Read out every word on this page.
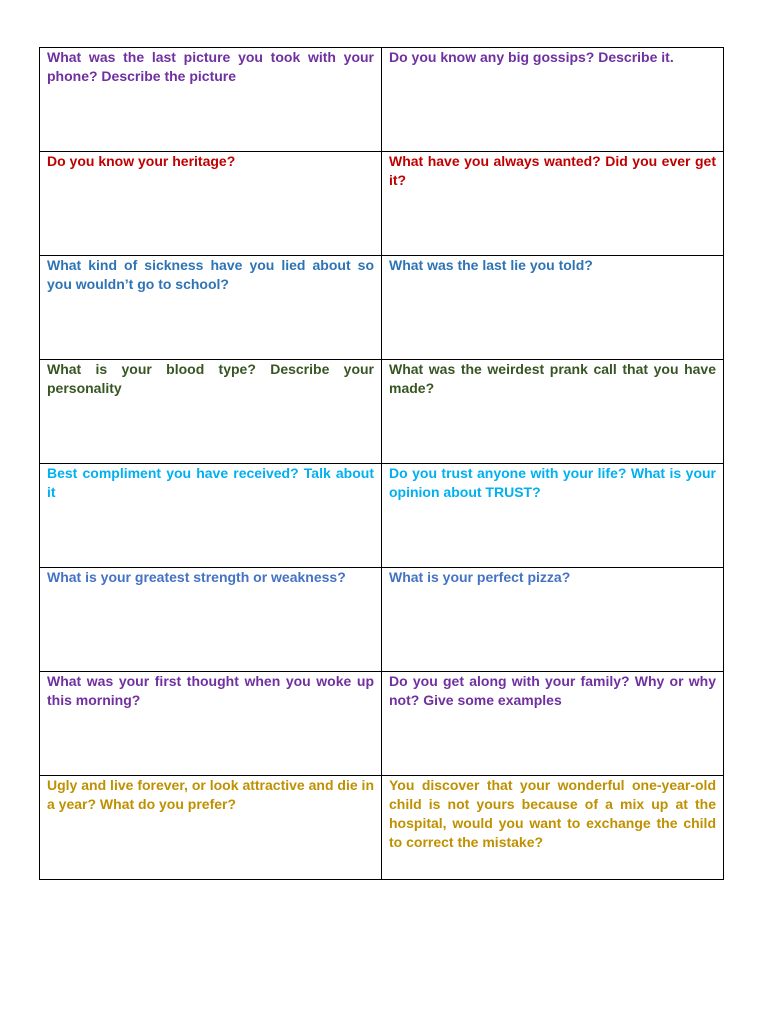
What was the last picture you took with your phone? Describe the picture	Do you know any big gossips? Describe it.

Do you know your heritage?	What have you always wanted? Did you ever get it?

What kind of sickness have you lied about so you wouldn’t go to school?	What was the last lie you told?

What is your blood type? Describe your personality	What was the weirdest prank call that you have made?

Best compliment you have received? Talk about it	Do you trust anyone with your life? What is your opinion about TRUST?

What is your greatest strength or weakness?	What is your perfect pizza?

What was your first thought when you woke up this morning?	Do you get along with your family? Why or why not? Give some examples

Ugly and live forever, or look attractive and die in a year? What do you prefer?	You discover that your wonderful one-year-old child is not yours because of a mix up at the hospital, would you want to exchange the child to correct the mistake?
